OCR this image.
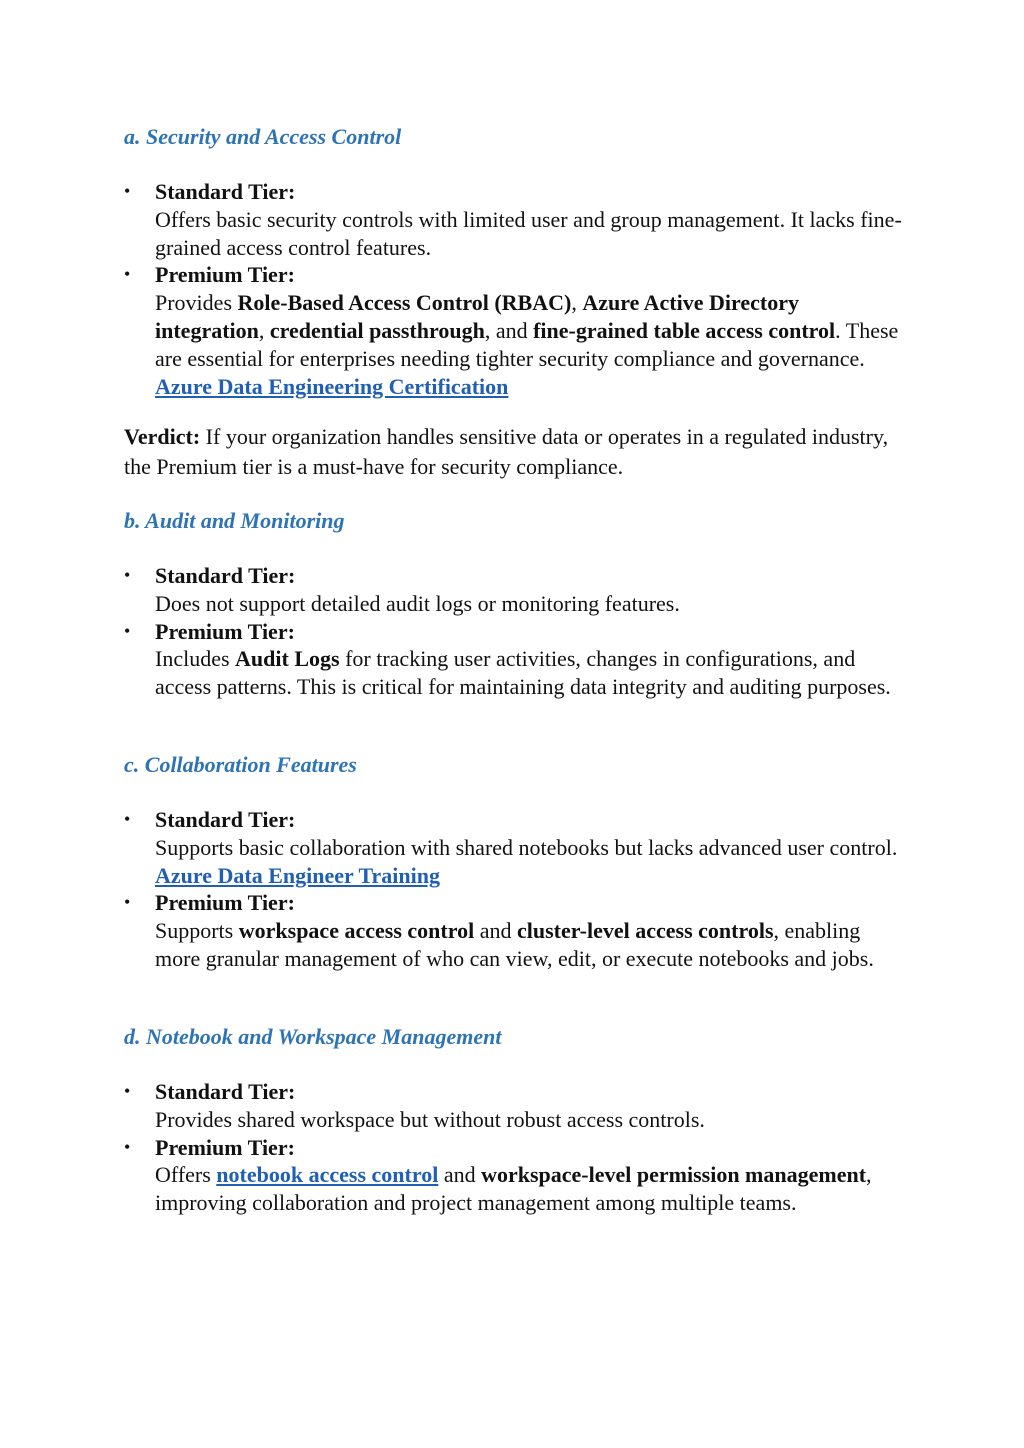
a. Security and Access Control
• Standard Tier:
Offers basic security controls with limited user and group management. It lacks fine-grained access control features.
• Premium Tier:
Provides Role-Based Access Control (RBAC), Azure Active Directory integration, credential passthrough, and fine-grained table access control. These are essential for enterprises needing tighter security compliance and governance. Azure Data Engineering Certification

Verdict: If your organization handles sensitive data or operates in a regulated industry, the Premium tier is a must-have for security compliance.

b. Audit and Monitoring
• Standard Tier:
Does not support detailed audit logs or monitoring features.
• Premium Tier:
Includes Audit Logs for tracking user activities, changes in configurations, and access patterns. This is critical for maintaining data integrity and auditing purposes.
c. Collaboration Features
• Standard Tier:
Supports basic collaboration with shared notebooks but lacks advanced user control. Azure Data Engineer Training
• Premium Tier:
Supports workspace access control and cluster-level access controls, enabling more granular management of who can view, edit, or execute notebooks and jobs.
d. Notebook and Workspace Management
• Standard Tier:
Provides shared workspace but without robust access controls.
• Premium Tier:
Offers notebook access control and workspace-level permission management, improving collaboration and project management among multiple teams.
